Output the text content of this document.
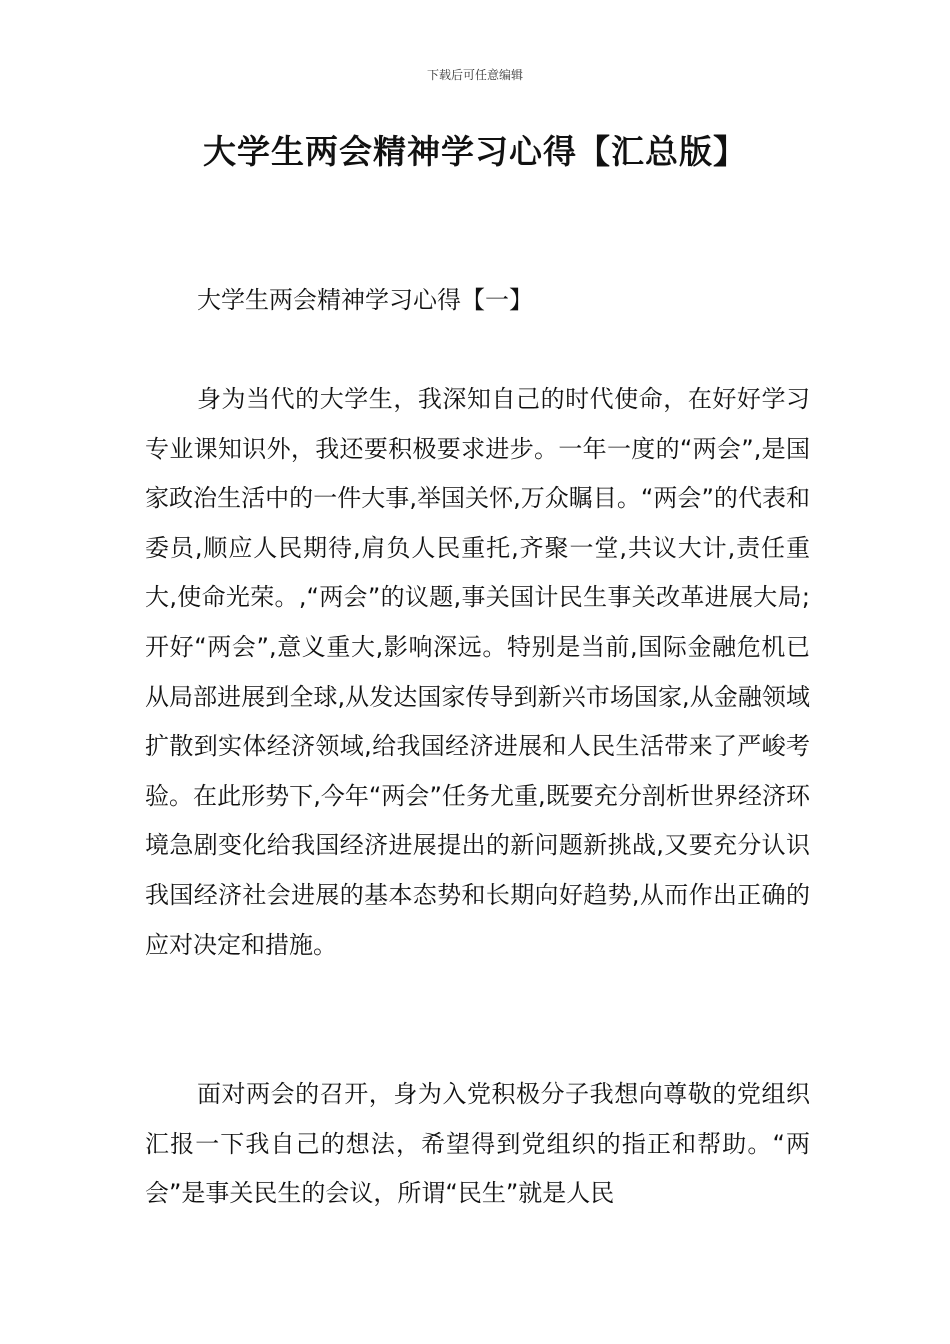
下载后可任意编辑
大学生两会精神学习心得【汇总版】
大学生两会精神学习心得【一】

身为当代的大学生，我深知自己的时代使命，在好好学习专业课知识外，我还要积极要求进步。一年一度的“两会”,是国家政治生活中的一件大事,举国关怀,万众瞩目。“两会”的代表和委员,顺应人民期待,肩负人民重托,齐聚一堂,共议大计,责任重大,使命光荣。,“两会”的议题,事关国计民生事关改革进展大局;开好“两会”,意义重大,影响深远。特别是当前,国际金融危机已从局部进展到全球,从发达国家传导到新兴市场国家,从金融领域扩散到实体经济领域,给我国经济进展和人民生活带来了严峻考验。在此形势下,今年“两会”任务尤重,既要充分剖析世界经济环境急剧变化给我国经济进展提出的新问题新挑战,又要充分认识我国经济社会进展的基本态势和长期向好趋势,从而作出正确的应对决定和措施。

面对两会的召开，身为入党积极分子我想向尊敬的党组织汇报一下我自己的想法，希望得到党组织的指正和帮助。“两会”是事关民生的会议，所谓“民生”就是人民
